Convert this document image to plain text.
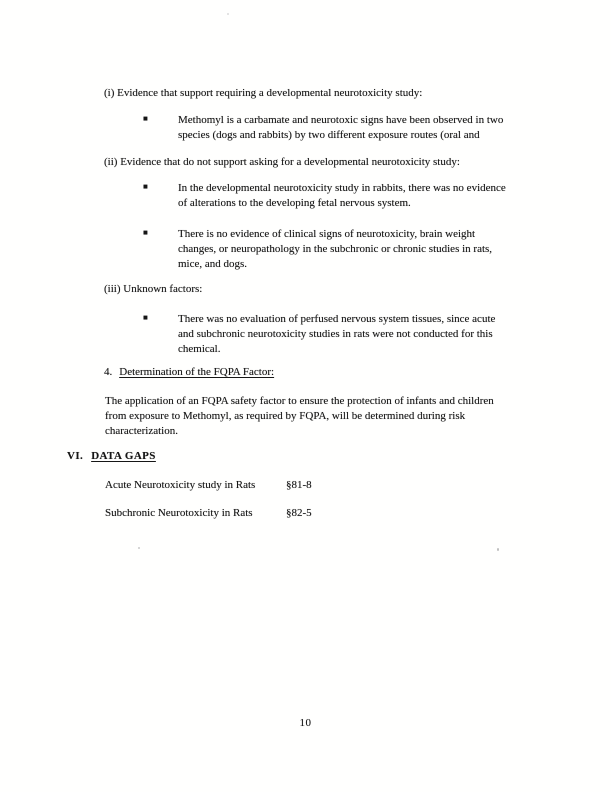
(i) Evidence that support requiring a developmental neurotoxicity study:
■	Methomyl is a carbamate and neurotoxic signs have been observed in two
species (dogs and rabbits) by two different exposure routes (oral and
(ii) Evidence that do not support asking for a developmental neurotoxicity study:
■	In the developmental neurotoxicity study in rabbits, there was no evidence
of alterations to the developing fetal nervous system.
■	There is no evidence of clinical signs of neurotoxicity, brain weight
changes, or neuropathology in the subchronic or chronic studies in rats,
mice, and dogs.
(iii) Unknown factors:
■	There was no evaluation of perfused nervous system tissues, since acute
and subchronic neurotoxicity studies in rats were not conducted for this
chemical.
4. Determination of the FQPA Factor:
The application of an FQPA safety factor to ensure the protection of infants and children
from exposure to Methomyl, as required by FQPA, will be determined during risk
characterization.
VI. DATA GAPS
Acute Neurotoxicity study in Rats	§81-8
Subchronic Neurotoxicity in Rats	§82-5
10
